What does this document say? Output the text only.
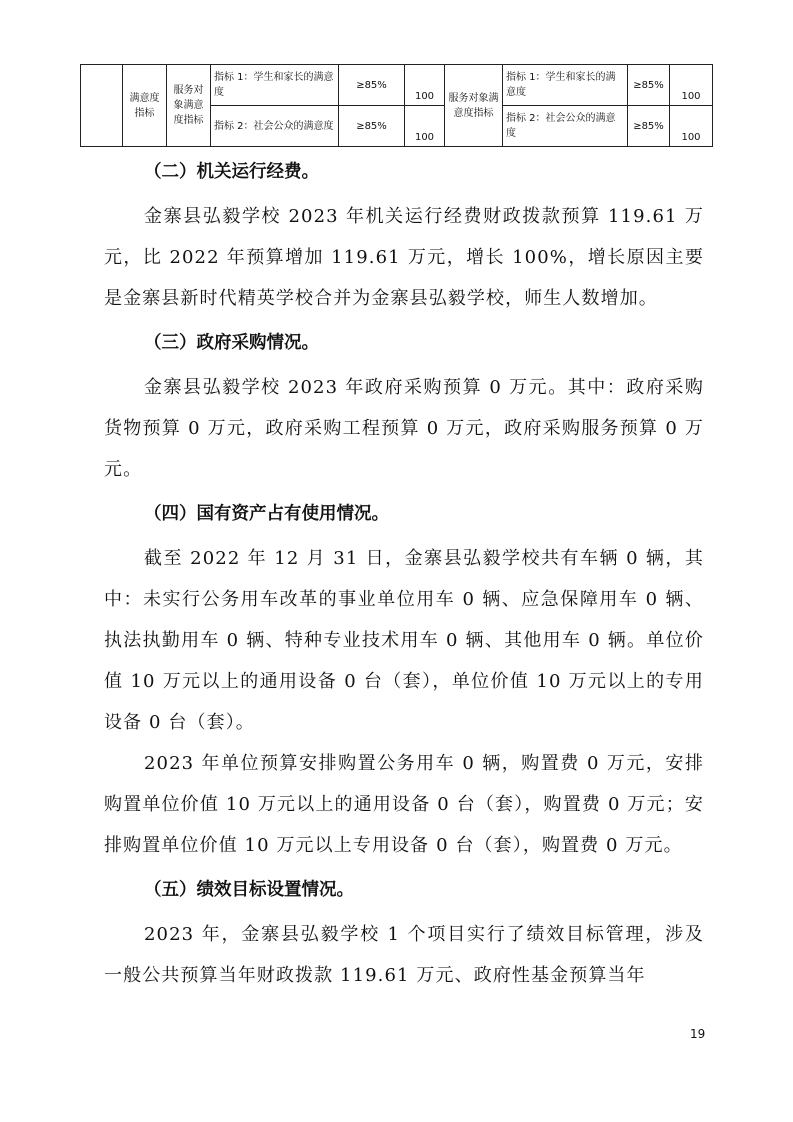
	满意度指标	服务对象满意度指标	指标 1：学生和家长的满意度	≥85%	100	服务对象满意度指标	指标 1：学生和家长的满意度	≥85%	100
			指标 2：社会公众的满意度	≥85%	100		指标 2：社会公众的满意度	≥85%	100
（二）机关运行经费。

金寨县弘毅学校 2023 年机关运行经费财政拨款预算 119.61 万元，比 2022 年预算增加 119.61 万元，增长 100%，增长原因主要是金寨县新时代精英学校合并为金寨县弘毅学校，师生人数增加。

（三）政府采购情况。

金寨县弘毅学校 2023 年政府采购预算 0 万元。其中：政府采购货物预算 0 万元，政府采购工程预算 0 万元，政府采购服务预算 0 万元。

（四）国有资产占有使用情况。

截至 2022 年 12 月 31 日，金寨县弘毅学校共有车辆 0 辆，其中：未实行公务用车改革的事业单位用车 0 辆、应急保障用车 0 辆、执法执勤用车 0 辆、特种专业技术用车 0 辆、其他用车 0 辆。单位价值 10 万元以上的通用设备 0 台（套），单位价值 10 万元以上的专用设备 0 台（套）。

2023 年单位预算安排购置公务用车 0 辆，购置费 0 万元，安排购置单位价值 10 万元以上的通用设备 0 台（套），购置费 0 万元；安排购置单位价值 10 万元以上专用设备 0 台（套），购置费 0 万元。

（五）绩效目标设置情况。

2023 年，金寨县弘毅学校 1 个项目实行了绩效目标管理，涉及一般公共预算当年财政拨款 119.61 万元、政府性基金预算当年

19
